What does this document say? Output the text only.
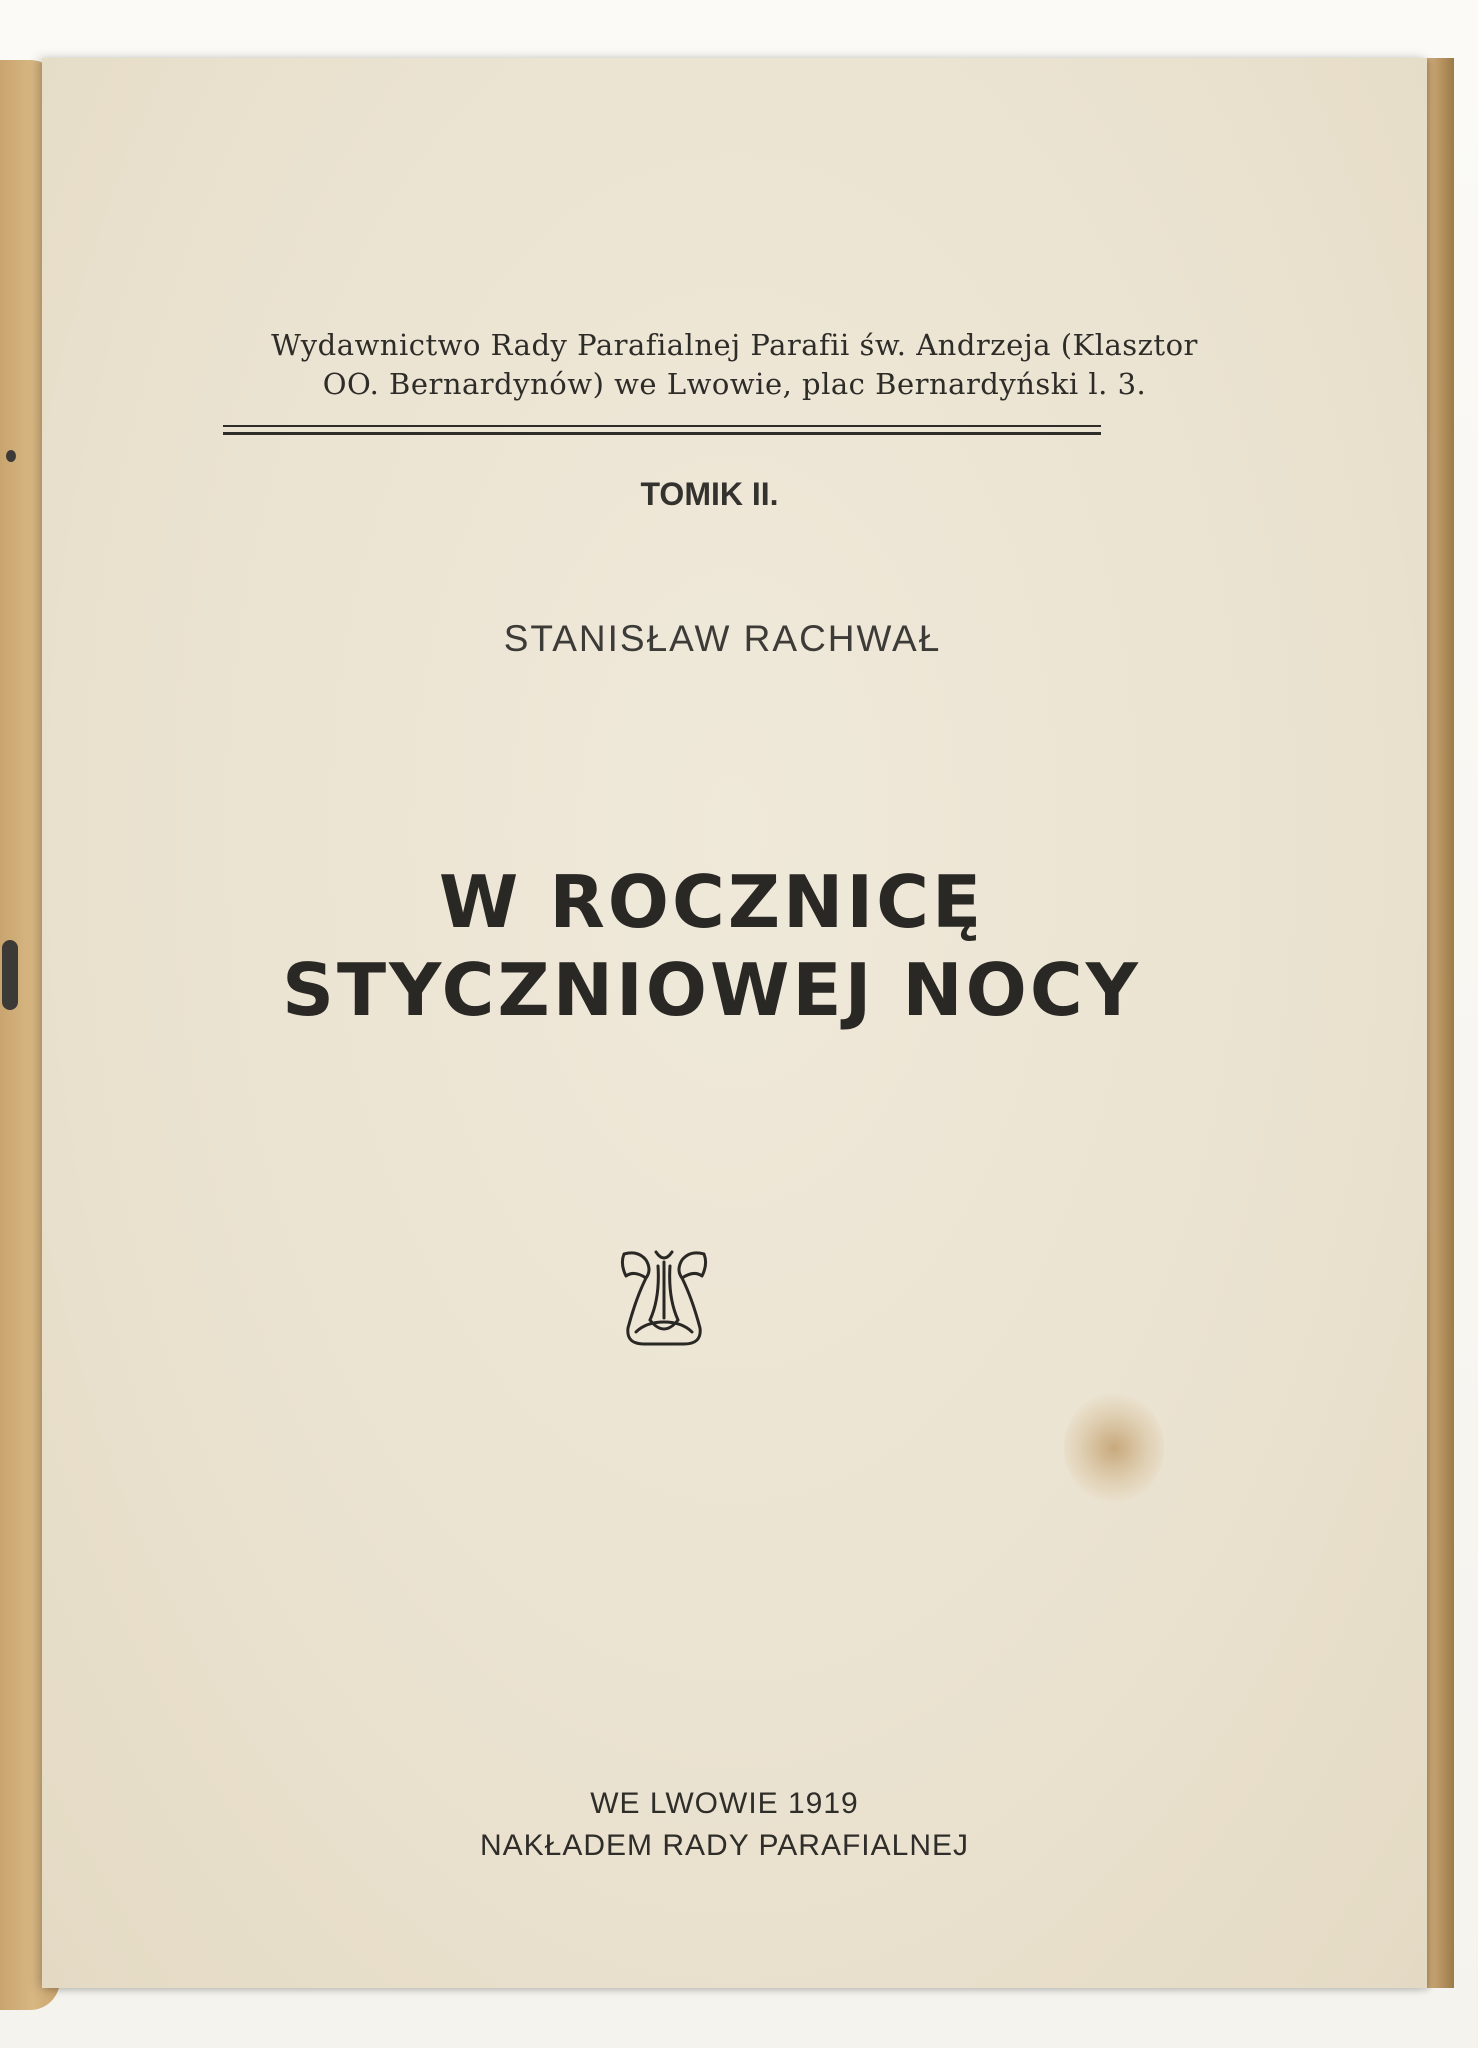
Wydawnictwo Rady Parafialnej Parafii św. Andrzeja (Klasztor
OO. Bernardynów) we Lwowie, plac Bernardyński l. 3.
TOMIK II.
STANISŁAW RACHWAŁ
W ROCZNICĘ
STYCZNIOWEJ NOCY
WE LWOWIE 1919
NAKŁADEM RADY PARAFIALNEJ
